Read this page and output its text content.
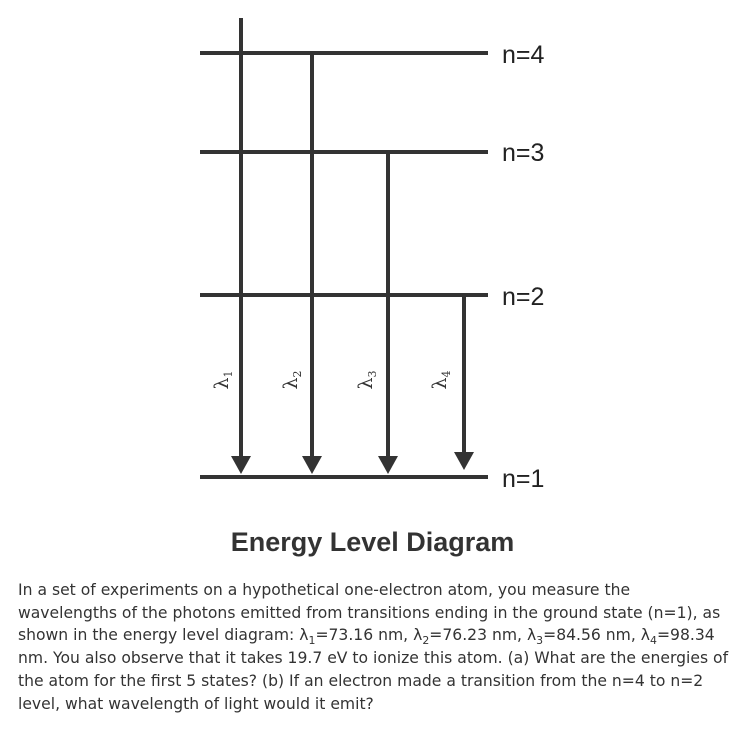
n=4
n=3
n=2
n=1
$\lambda_1$
$\lambda_2$
$\lambda_3$
$\lambda_4$
Energy Level Diagram

In a set of experiments on a hypothetical one-electron atom, you measure the wavelengths of the photons emitted from transitions ending in the ground state (n=1), as shown in the energy level diagram: $\lambda_1=73.16$ nm, $\lambda_2=76.23$ nm, $\lambda_3=84.56$ nm, $\lambda_4=98.34$ nm. You also observe that it takes 19.7 eV to ionize this atom. (a) What are the energies of the atom for the first 5 states? (b) If an electron made a transition from the n=4 to n=2 level, what wavelength of light would it emit?
